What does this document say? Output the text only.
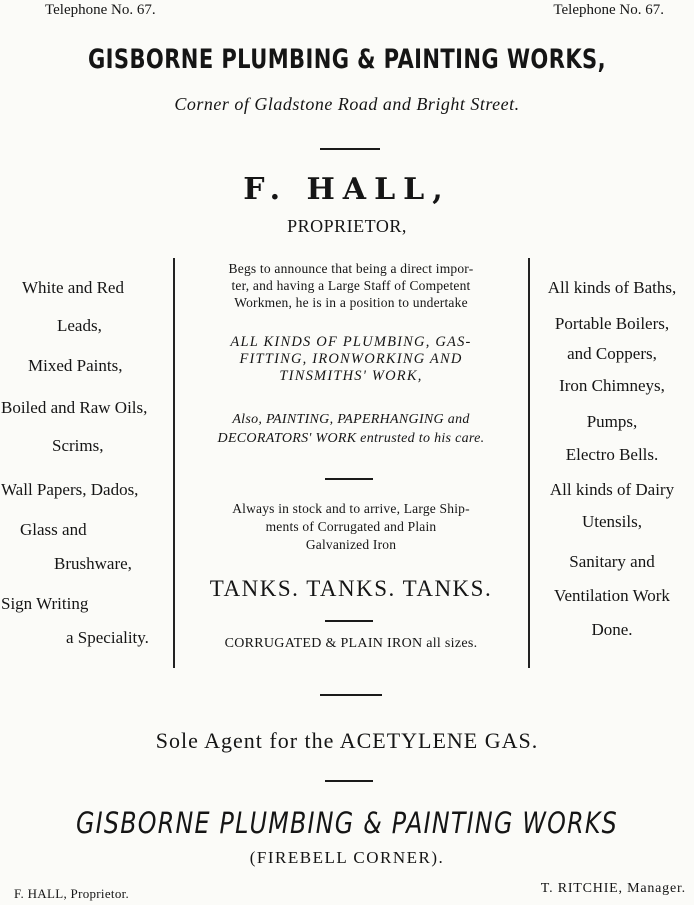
Telephone No. 67.	Telephone No. 67.
GISBORNE PLUMBING & PAINTING WORKS,
Corner of Gladstone Road and Bright Street.
F. HALL,
PROPRIETOR,
White and Red
Leads,
Mixed Paints,
Boiled and Raw Oils,
Scrims,
Wall Papers, Dados,
Glass and
Brushware,
Sign Writing
a Speciality.
Begs to announce that being a direct impor-
ter, and having a Large Staff of Competent
Workmen, he is in a position to undertake
ALL KINDS OF PLUMBING, GAS-
FITTING, IRONWORKING AND
TINSMITHS' WORK,
Also, PAINTING, PAPERHANGING and
DECORATORS' WORK entrusted to his care.
Always in stock and to arrive, Large Ship-
ments of Corrugated and Plain
Galvanized Iron
TANKS. TANKS. TANKS.
CORRUGATED & PLAIN IRON all sizes.
All kinds of Baths,
Portable Boilers,
and Coppers,
Iron Chimneys,
Pumps,
Electro Bells.
All kinds of Dairy
Utensils,
Sanitary and
Ventilation Work
Done.
Sole Agent for the ACETYLENE GAS.
GISBORNE PLUMBING & PAINTING WORKS
(FIREBELL CORNER).
F. HALL, Proprietor.	T. RITCHIE, Manager.
